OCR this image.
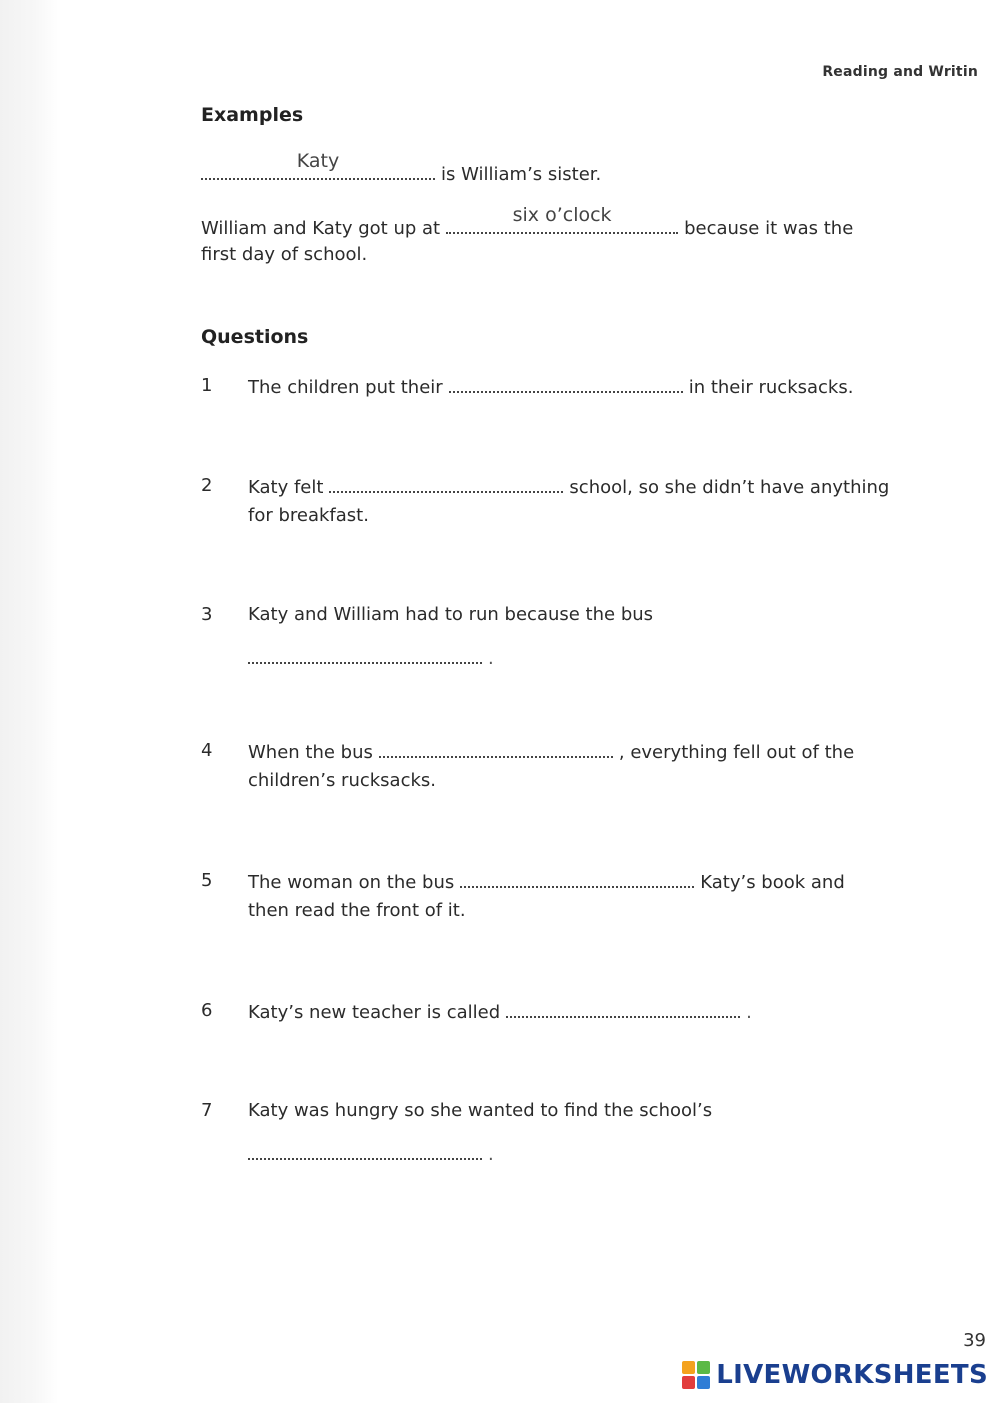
Reading and Writin
Examples
Katy
is William’s sister.
William and Katy got up at
six o’clock
because it was the
first day of school.
Questions
1 The children put their	in their rucksacks.
2 Katy felt	school, so she didn’t have anything
for breakfast.
3 Katy and William had to run because the bus
.
4 When the bus	, everything fell out of the
children’s rucksacks.
5 The woman on the bus	Katy’s book and
then read the front of it.
6 Katy’s new teacher is called	.
7 Katy was hungry so she wanted to find the school’s
.
39
LIVEWORKSHEETS
